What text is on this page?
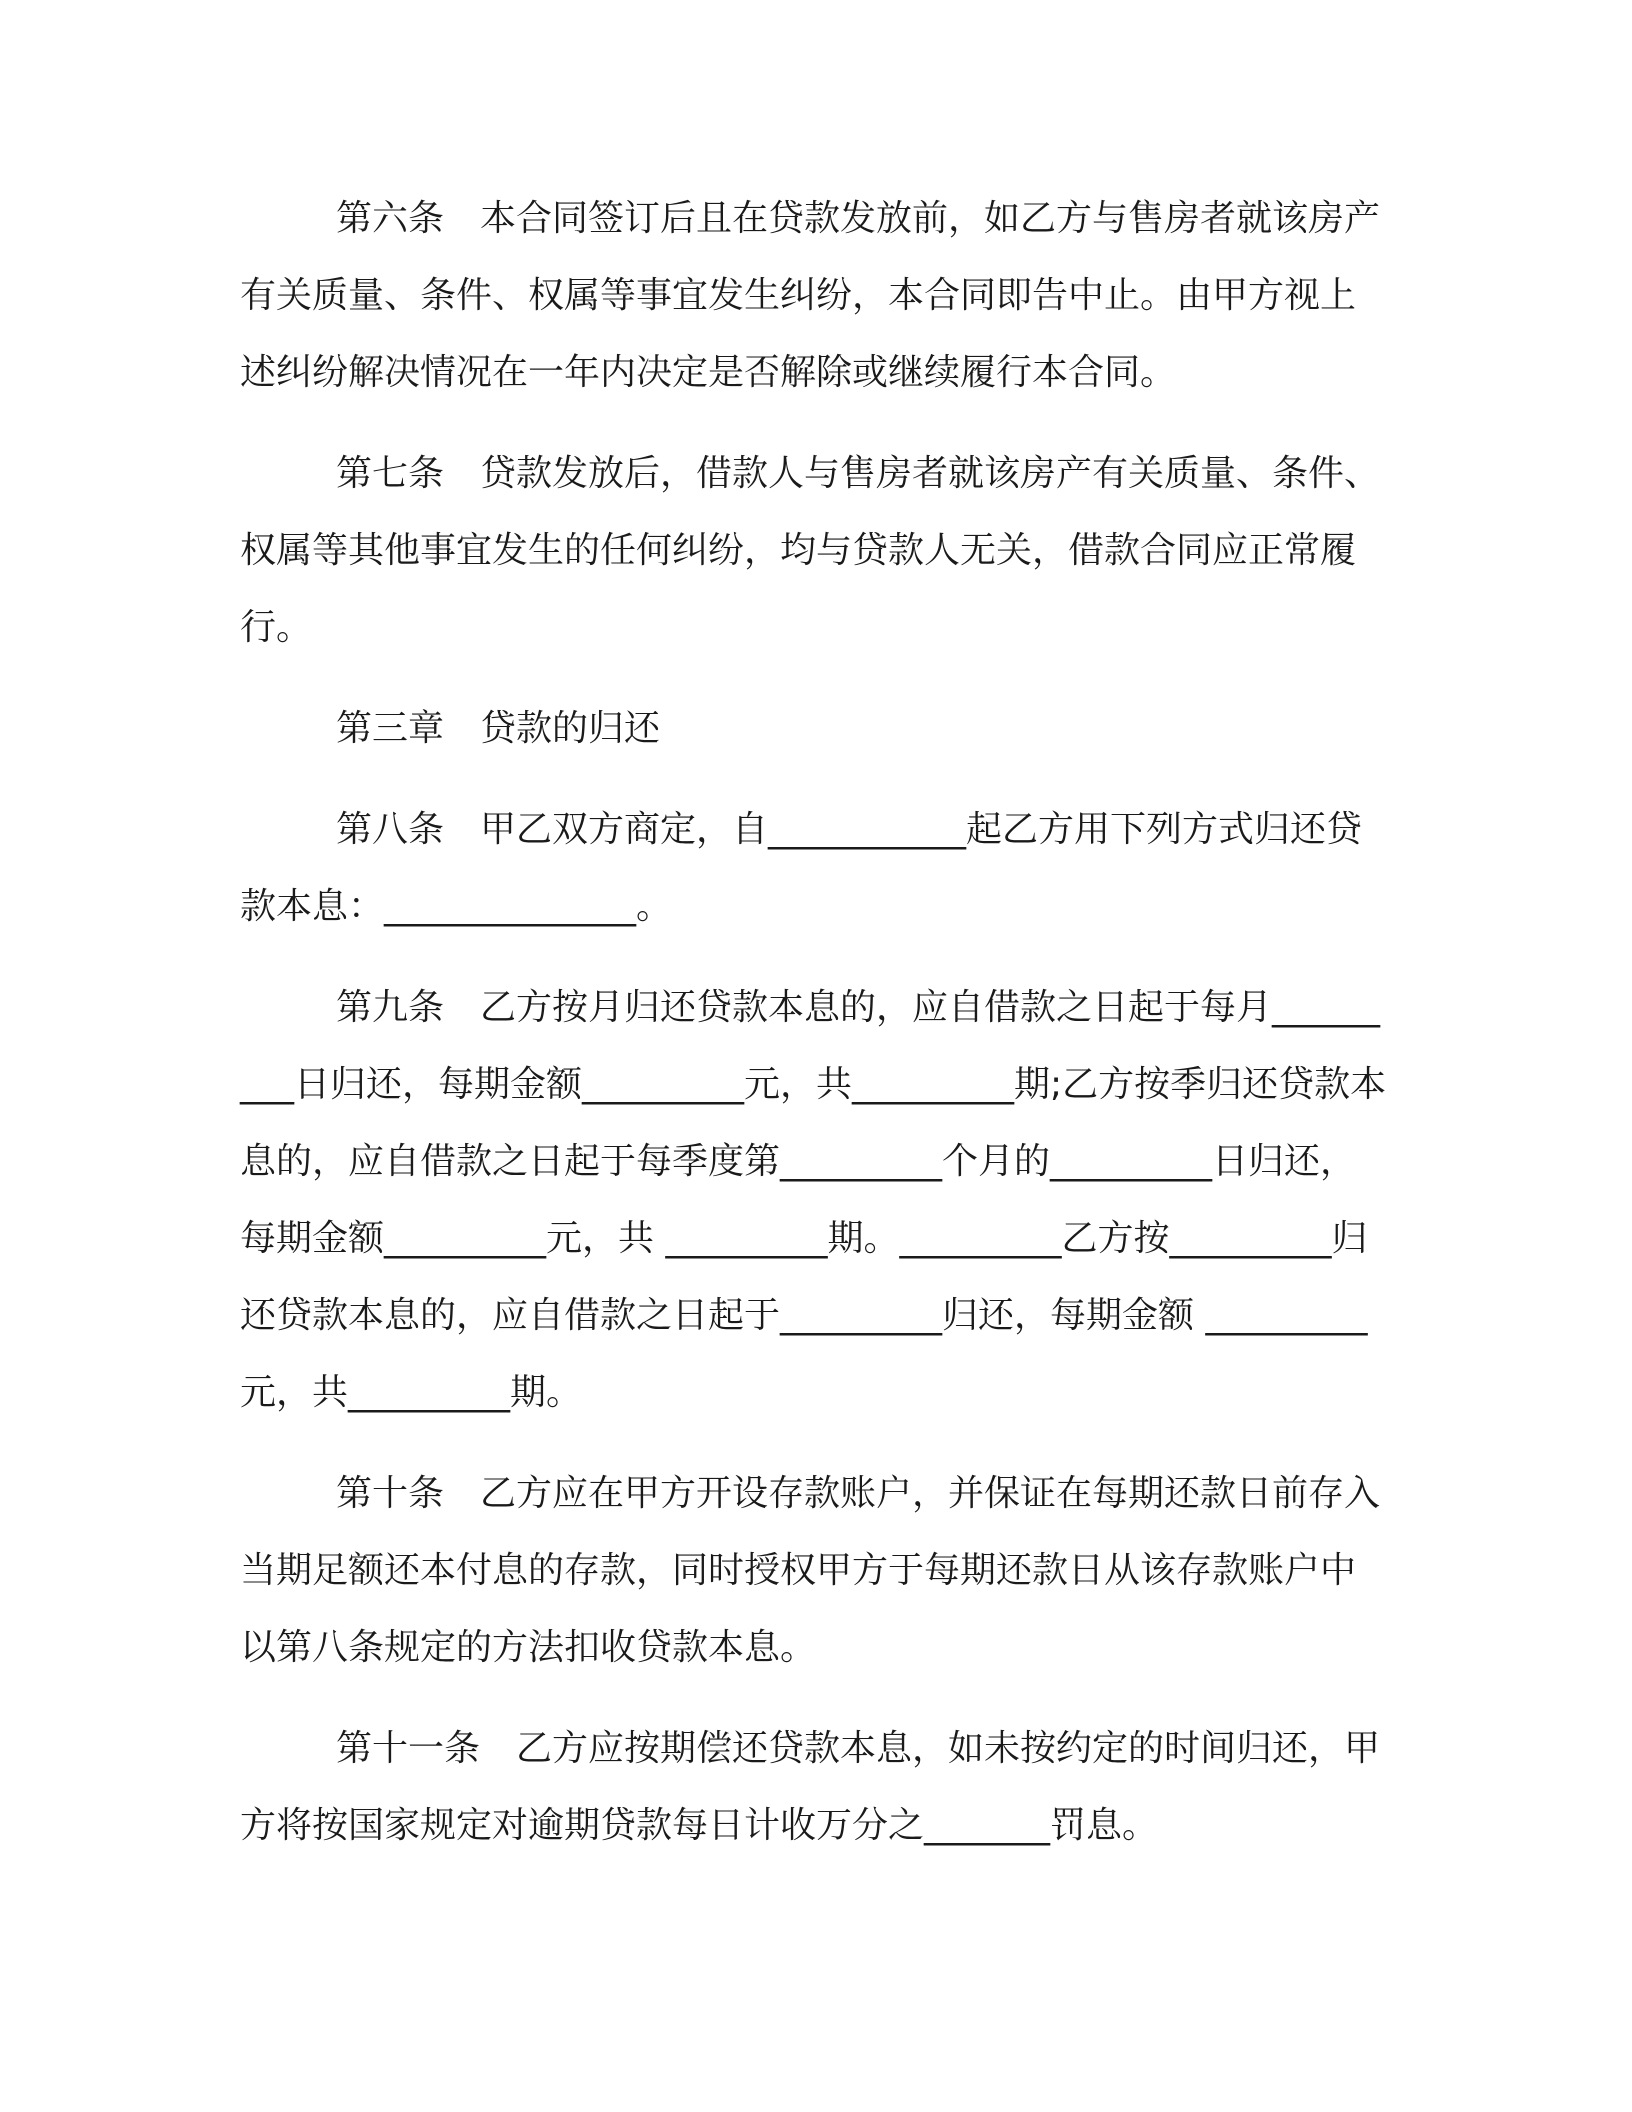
第六条　本合同签订后且在贷款发放前，如乙方与售房者就该房产有关质量、条件、权属等事宜发生纠纷，本合同即告中止。由甲方视上述纠纷解决情况在一年内决定是否解除或继续履行本合同。

第七条　贷款发放后，借款人与售房者就该房产有关质量、条件、权属等其他事宜发生的任何纠纷，均与贷款人无关，借款合同应正常履行。

第三章　贷款的归还

第八条　甲乙双方商定，自___________起乙方用下列方式归还贷款本息：______________。

第九条　乙方按月归还贷款本息的，应自借款之日起于每月_________日归还，每期金额_________元，共_________期;乙方按季归还贷款本息的，应自借款之日起于每季度第_________个月的_________日归还，每期金额_________元，共 _________期。_________乙方按_________归还贷款本息的，应自借款之日起于_________归还，每期金额 _________元，共_________期。

第十条　乙方应在甲方开设存款账户，并保证在每期还款日前存入当期足额还本付息的存款，同时授权甲方于每期还款日从该存款账户中以第八条规定的方法扣收贷款本息。

第十一条　乙方应按期偿还贷款本息，如未按约定的时间归还，甲方将按国家规定对逾期贷款每日计收万分之_______罚息。
